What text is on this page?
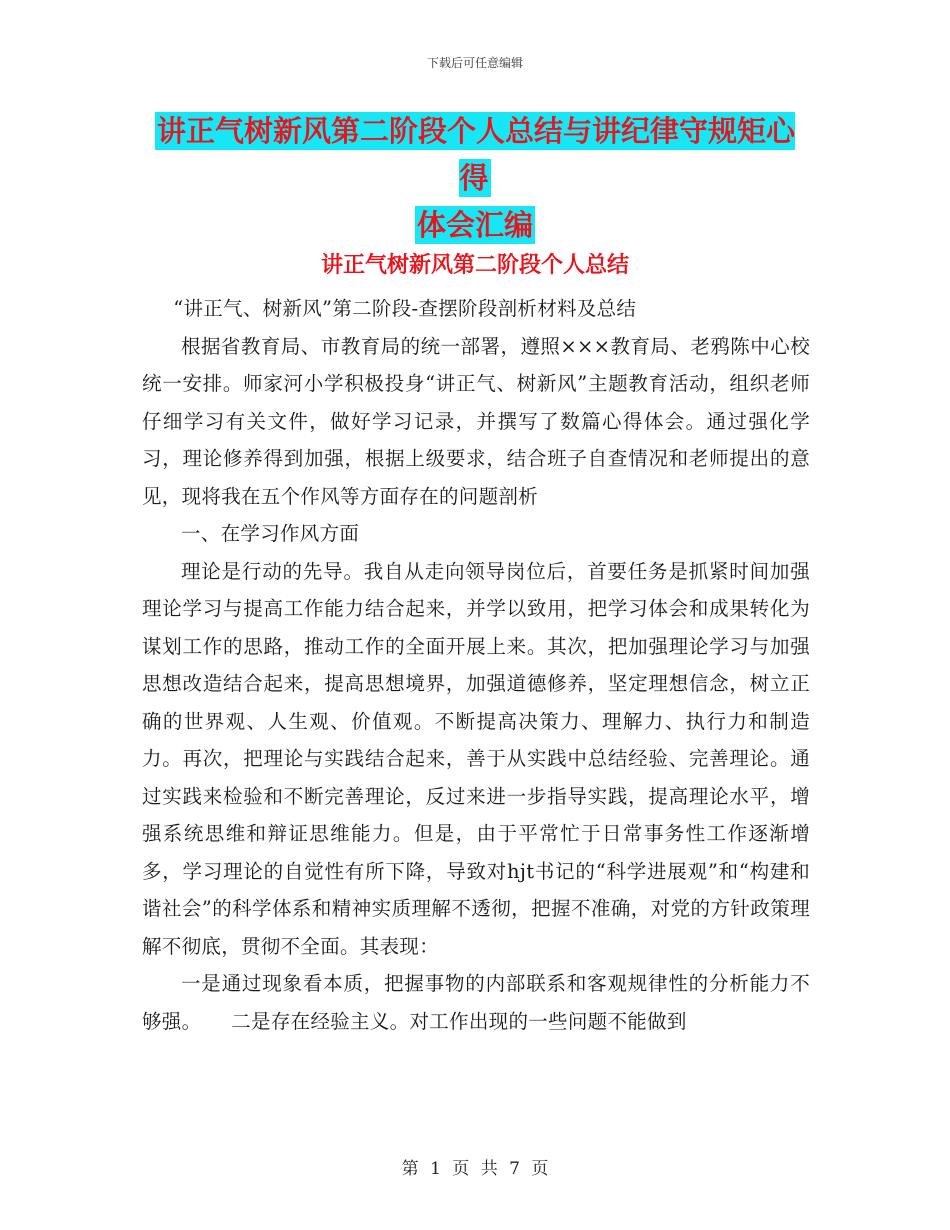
下载后可任意编辑
讲正气树新风第二阶段个人总结与讲纪律守规矩心得
体会汇编
讲正气树新风第二阶段个人总结

“讲正气、树新风”第二阶段-查摆阶段剖析材料及总结

根据省教育局、市教育局的统一部署，遵照×××教育局、老鸦陈中心校统一安排。师家河小学积极投身“讲正气、树新风”主题教育活动，组织老师仔细学习有关文件，做好学习记录，并撰写了数篇心得体会。通过强化学习，理论修养得到加强，根据上级要求，结合班子自查情况和老师提出的意见，现将我在五个作风等方面存在的问题剖析

一、在学习作风方面

理论是行动的先导。我自从走向领导岗位后，首要任务是抓紧时间加强理论学习与提高工作能力结合起来，并学以致用，把学习体会和成果转化为谋划工作的思路，推动工作的全面开展上来。其次，把加强理论学习与加强思想改造结合起来，提高思想境界，加强道德修养，坚定理想信念，树立正确的世界观、人生观、价值观。不断提高决策力、理解力、执行力和制造力。再次，把理论与实践结合起来，善于从实践中总结经验、完善理论。通过实践来检验和不断完善理论，反过来进一步指导实践，提高理论水平，增强系统思维和辩证思维能力。但是，由于平常忙于日常事务性工作逐渐增多，学习理论的自觉性有所下降，导致对hjt书记的“科学进展观”和“构建和谐社会”的科学体系和精神实质理解不透彻，把握不准确，对党的方针政策理解不彻底，贯彻不全面。其表现：

一是通过现象看本质，把握事物的内部联系和客观规律性的分析能力不够强。　　二是存在经验主义。对工作出现的一些问题不能做到

第 1 页 共 7 页
